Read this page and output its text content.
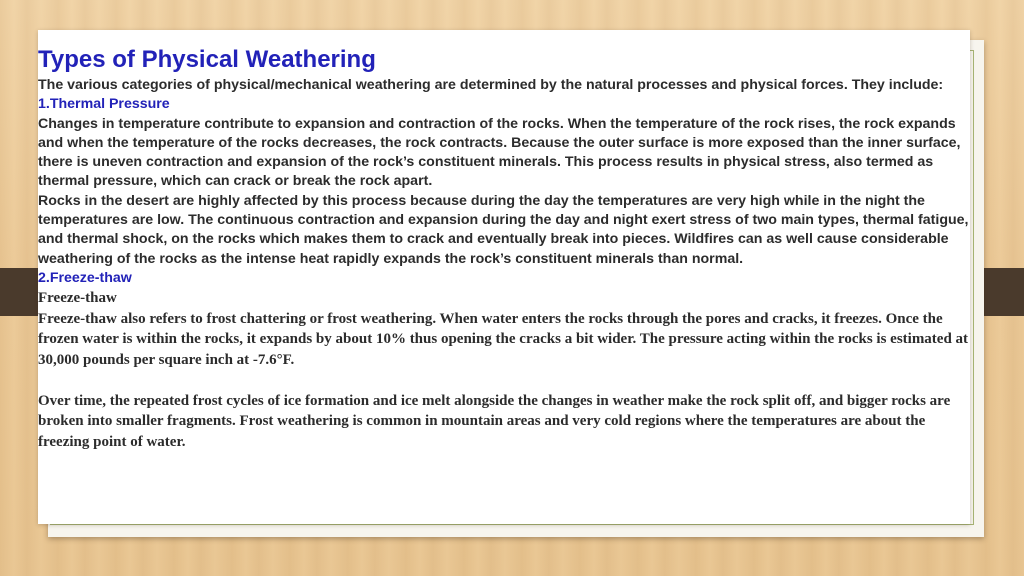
Types of Physical Weathering

The various categories of physical/mechanical weathering are determined by the natural processes and physical forces. They include:

1.Thermal Pressure

Changes in temperature contribute to expansion and contraction of the rocks. When the temperature of the rock rises, the rock expands and when the temperature of the rocks decreases, the rock contracts. Because the outer surface is more exposed than the inner surface, there is uneven contraction and expansion of the rock’s constituent minerals. This process results in physical stress, also termed as thermal pressure, which can crack or break the rock apart.

Rocks in the desert are highly affected by this process because during the day the temperatures are very high while in the night the temperatures are low. The continuous contraction and expansion during the day and night exert stress of two main types, thermal fatigue, and thermal shock, on the rocks which makes them to crack and eventually break into pieces. Wildfires can as well cause considerable weathering of the rocks as the intense heat rapidly expands the rock’s constituent minerals than normal.

2.Freeze-thaw

Freeze-thaw

Freeze-thaw also refers to frost chattering or frost weathering. When water enters the rocks through the pores and cracks, it freezes. Once the frozen water is within the rocks, it expands by about 10% thus opening the cracks a bit wider. The pressure acting within the rocks is estimated at 30,000 pounds per square inch at -7.6°F.

Over time, the repeated frost cycles of ice formation and ice melt alongside the changes in weather make the rock split off, and bigger rocks are broken into smaller fragments. Frost weathering is common in mountain areas and very cold regions where the temperatures are about the freezing point of water.
